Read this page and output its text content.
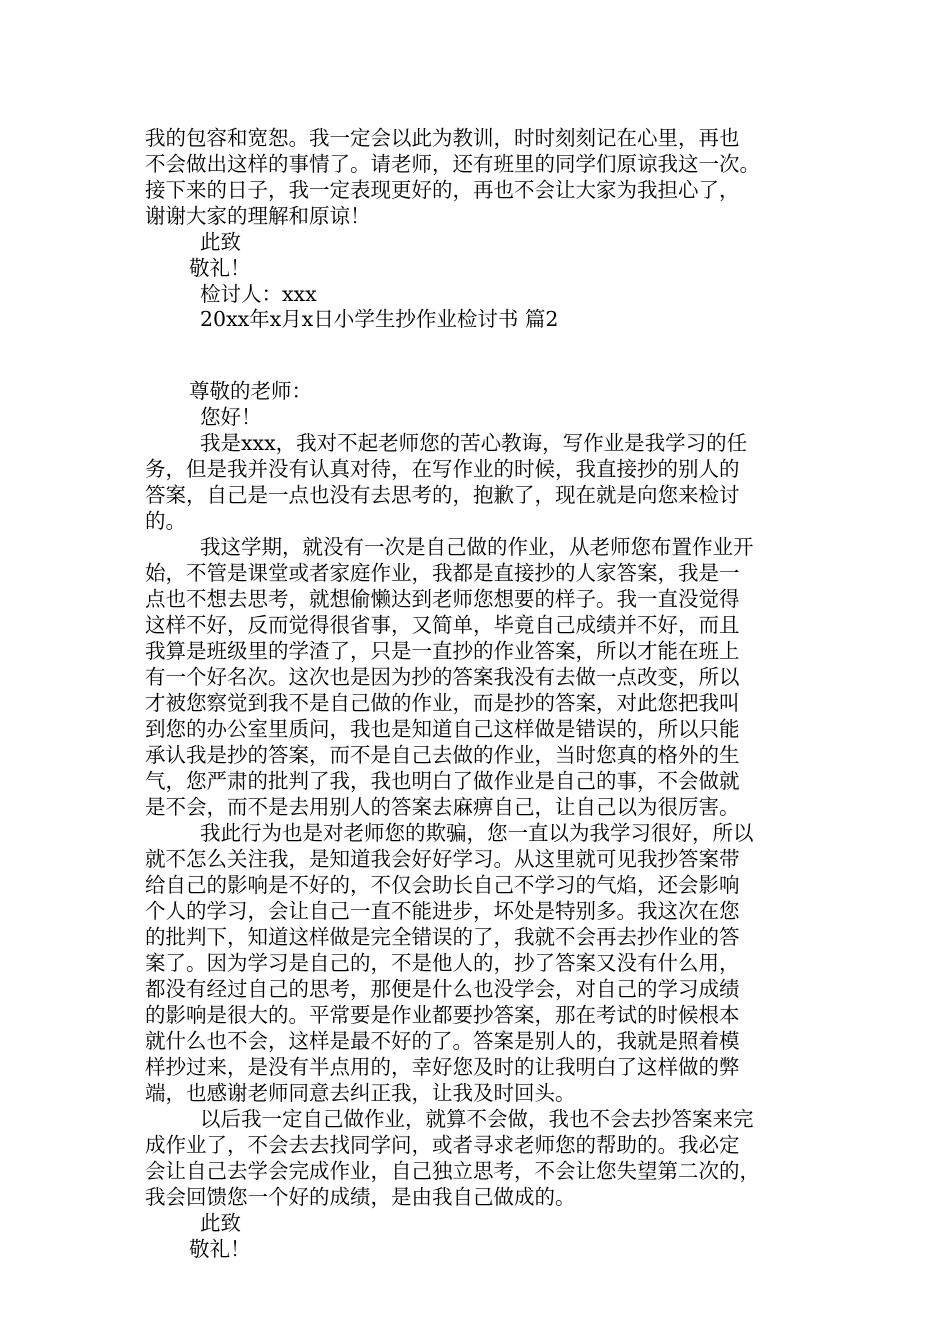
我的包容和宽恕。我一定会以此为教训，时时刻刻记在心里，再也

不会做出这样的事情了。请老师，还有班里的同学们原谅我这一次。

接下来的日子，我一定表现更好的，再也不会让大家为我担心了，

谢谢大家的理解和原谅！

此致

敬礼！

检讨人：xxx

20xx年x月x日小学生抄作业检讨书 篇2

尊敬的老师：

您好！

我是xxx，我对不起老师您的苦心教诲，写作业是我学习的任

务，但是我并没有认真对待，在写作业的时候，我直接抄的别人的

答案，自己是一点也没有去思考的，抱歉了，现在就是向您来检讨

的。

我这学期，就没有一次是自己做的作业，从老师您布置作业开

始，不管是课堂或者家庭作业，我都是直接抄的人家答案，我是一

点也不想去思考，就想偷懒达到老师您想要的样子。我一直没觉得

这样不好，反而觉得很省事，又简单，毕竟自己成绩并不好，而且

我算是班级里的学渣了，只是一直抄的作业答案，所以才能在班上

有一个好名次。这次也是因为抄的答案我没有去做一点改变，所以

才被您察觉到我不是自己做的作业，而是抄的答案，对此您把我叫

到您的办公室里质问，我也是知道自己这样做是错误的，所以只能

承认我是抄的答案，而不是自己去做的作业，当时您真的格外的生

气，您严肃的批判了我，我也明白了做作业是自己的事，不会做就

是不会，而不是去用别人的答案去麻痹自己，让自己以为很厉害。

我此行为也是对老师您的欺骗，您一直以为我学习很好，所以

就不怎么关注我，是知道我会好好学习。从这里就可见我抄答案带

给自己的影响是不好的，不仅会助长自己不学习的气焰，还会影响

个人的学习，会让自己一直不能进步，坏处是特别多。我这次在您

的批判下，知道这样做是完全错误的了，我就不会再去抄作业的答

案了。因为学习是自己的，不是他人的，抄了答案又没有什么用，

都没有经过自己的思考，那便是什么也没学会，对自己的学习成绩

的影响是很大的。平常要是作业都要抄答案，那在考试的时候根本

就什么也不会，这样是最不好的了。答案是别人的，我就是照着模

样抄过来，是没有半点用的，幸好您及时的让我明白了这样做的弊

端，也感谢老师同意去纠正我，让我及时回头。

以后我一定自己做作业，就算不会做，我也不会去抄答案来完

成作业了，不会去去找同学问，或者寻求老师您的帮助的。我必定

会让自己去学会完成作业，自己独立思考，不会让您失望第二次的，

我会回馈您一个好的成绩，是由我自己做成的。

此致

敬礼！
